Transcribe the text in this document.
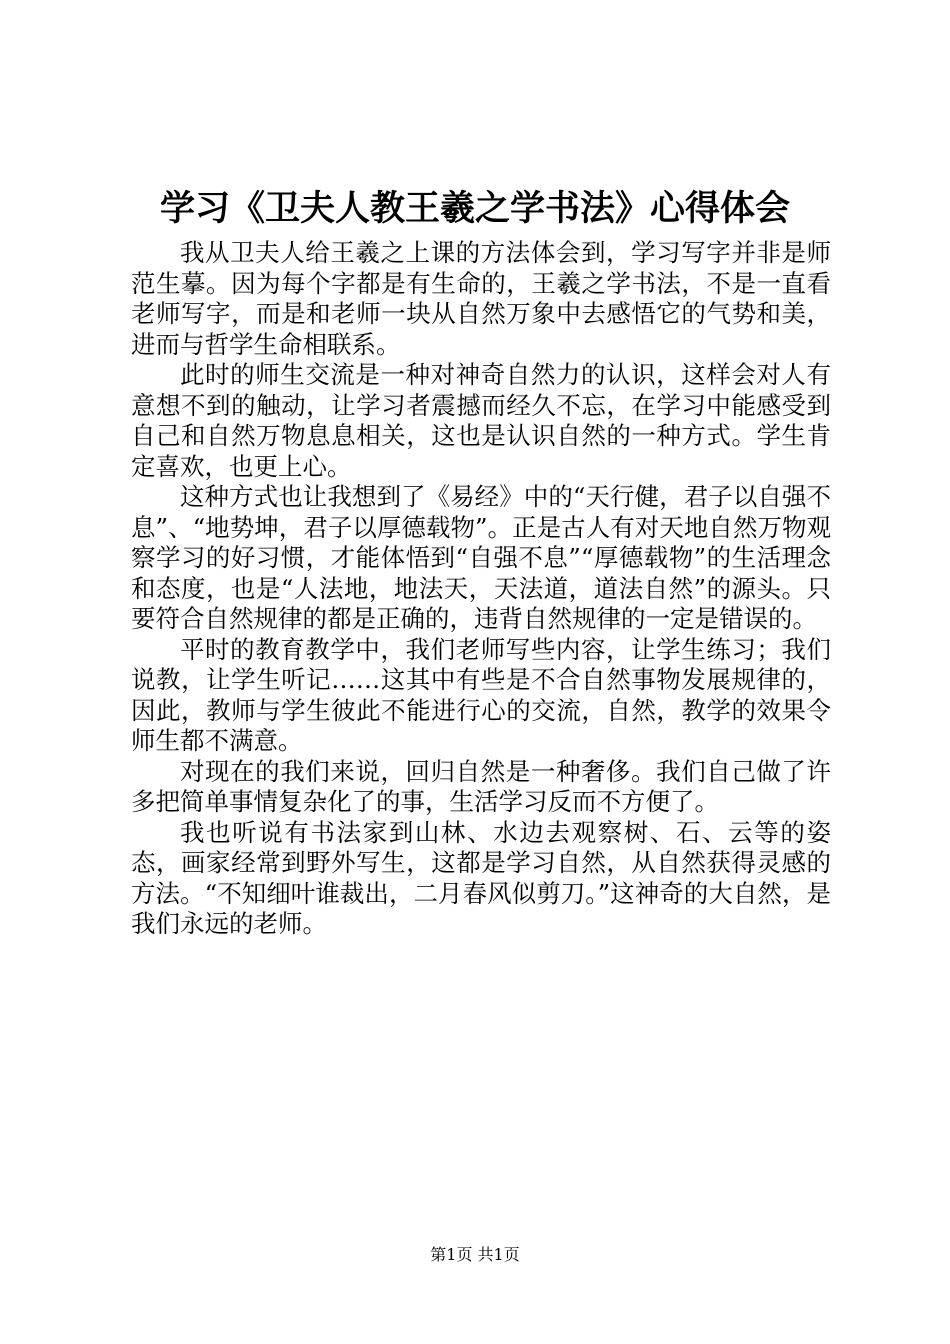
学习《卫夫人教王羲之学书法》心得体会

我从卫夫人给王羲之上课的方法体会到，学习写字并非是师范生摹。因为每个字都是有生命的，王羲之学书法，不是一直看老师写字，而是和老师一块从自然万象中去感悟它的气势和美，进而与哲学生命相联系。

此时的师生交流是一种对神奇自然力的认识，这样会对人有意想不到的触动，让学习者震撼而经久不忘，在学习中能感受到自己和自然万物息息相关，这也是认识自然的一种方式。学生肯定喜欢，也更上心。

这种方式也让我想到了《易经》中的“天行健，君子以自强不息”、“地势坤，君子以厚德载物”。正是古人有对天地自然万物观察学习的好习惯，才能体悟到“自强不息”“厚德载物”的生活理念和态度，也是“人法地，地法天，天法道，道法自然”的源头。只要符合自然规律的都是正确的，违背自然规律的一定是错误的。

平时的教育教学中，我们老师写些内容，让学生练习；我们说教，让学生听记……这其中有些是不合自然事物发展规律的，因此，教师与学生彼此不能进行心的交流，自然，教学的效果令师生都不满意。

对现在的我们来说，回归自然是一种奢侈。我们自己做了许多把简单事情复杂化了的事，生活学习反而不方便了。

我也听说有书法家到山林、水边去观察树、石、云等的姿态，画家经常到野外写生，这都是学习自然，从自然获得灵感的方法。“不知细叶谁裁出，二月春风似剪刀。”这神奇的大自然，是我们永远的老师。

第1页 共1页
